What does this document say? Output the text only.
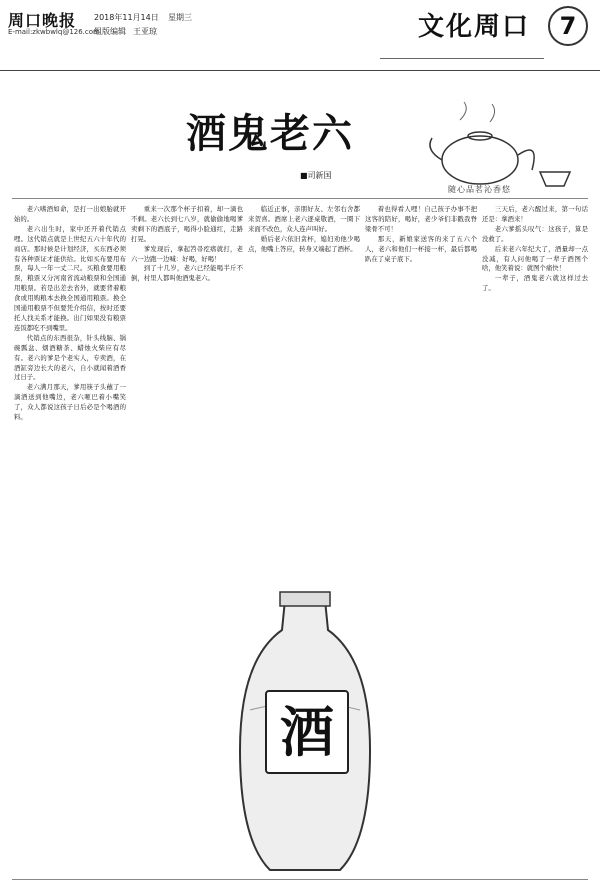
周口晚报
E-mail:zkwbwlq@126.com
2018年11月14日 星期三
组版编辑 王亚琼	文化周口	7
酒鬼老六
■司新国
随心品茗沁香悠

老六嗜酒如命，是打一出娘胎就开始的。

老六出生时，家中还开着代销点哩。这代销点就是上世纪五六十年代的商店。那时候是计划经济，买东西必须有各种票证才能供给。比如买布要用布票，每人一年一丈二尺。买粮食要用粮票，粮票又分河南省流动粮票和全国通用粮票。若是出差去省外，就要背着粮食或用购粮本去换全国通用粮票。换全国通用粮票不但要凭介绍信，按时还要托人找关系才能换。出门如果没有粮票连饭都吃不到嘴里。

代销点的东西很杂，针头线脑、锅碗瓢盆、烟酒糖茶、蜡烛火柴应有尽有。老六的爹是个老实人，专卖酒，在酒缸旁边长大的老六，自小就闻着酒香过日子。

老六满月那天，爹用筷子头蘸了一滴酒送到他嘴边，老六咂巴着小嘴笑了，众人都说这孩子日后必是个喝酒的料。

重来一次那个杯子扣着，却一滴也不剩。老六长到七八岁，就偷偷地喝爹卖剩下的酒底子，喝得小脸通红，走路打晃。

爹发现后，拿起笤帚疙瘩就打，老六一边跑一边喊：好喝，好喝！

到了十几岁，老六已经能喝半斤不倒，村里人都叫他酒鬼老六。

临近正事，亲朋好友、左邻右舍都来贺喜。酒席上老六逐桌敬酒，一圈下来面不改色，众人连声叫好。

婚后老六依旧贪杯，媳妇劝他少喝点，他嘴上答应，转身又端起了酒杯。

着也得看人哩！自己孩子办事不把这客的陪好，喝好，老少爷们非戳我脊梁骨不可！

那天，新娘家送客的来了五六个人，老六和他们一杯接一杯，最后都喝趴在了桌子底下。

三天后，老六醒过来，第一句话还是：拿酒来！

老六爹摇头叹气：这孩子，算是没救了。

后来老六年纪大了，酒量却一点没减，有人问他喝了一辈子酒图个啥，他笑着说：就图个痛快！

一辈子，酒鬼老六就这样过去了。

酒
